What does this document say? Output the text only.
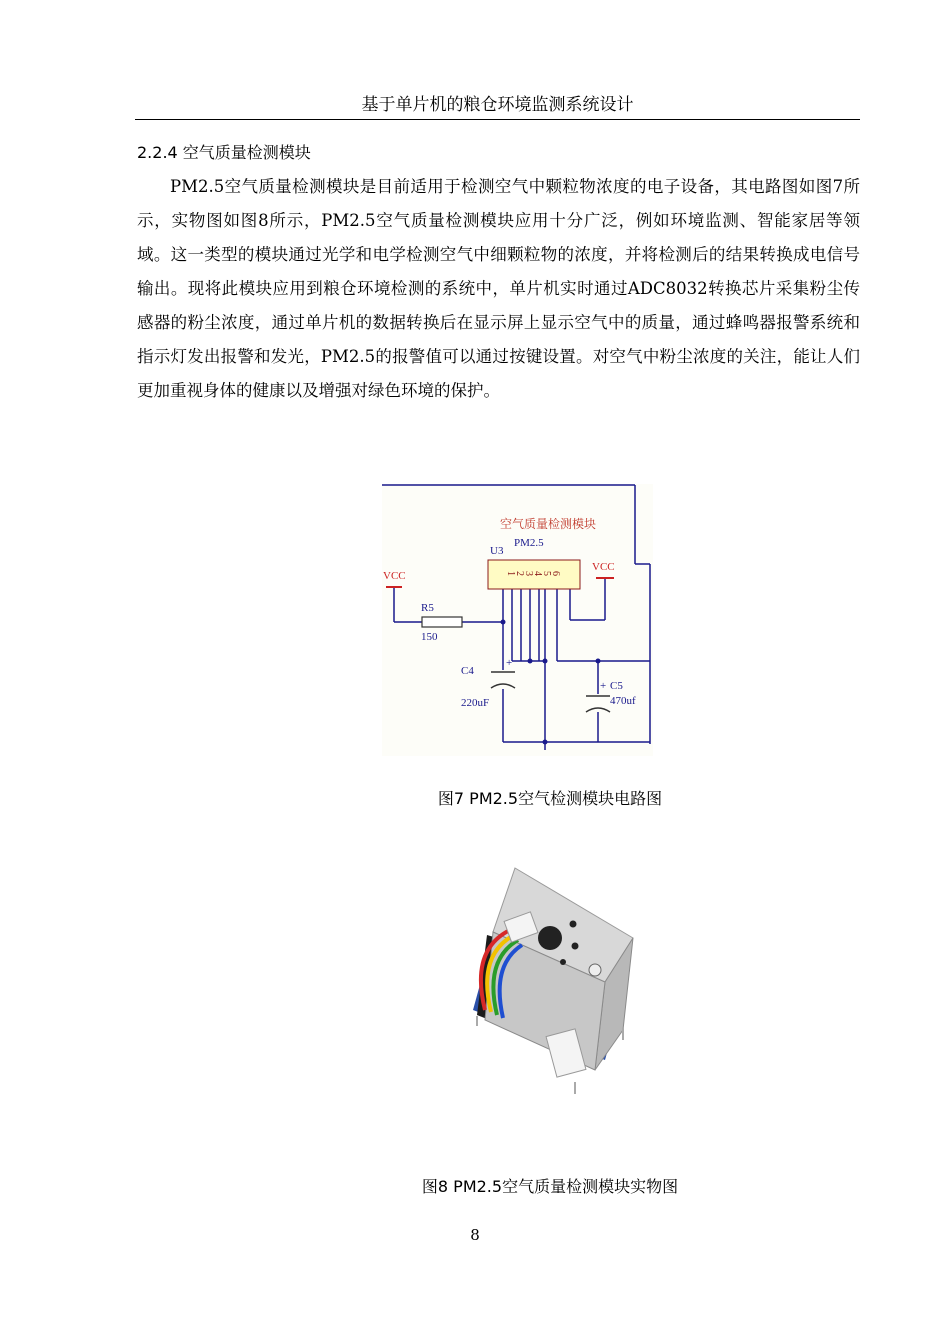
基于单片机的粮仓环境监测系统设计
2.2.4 空气质量检测模块

PM2.5空气质量检测模块是目前适用于检测空气中颗粒物浓度的电子设备，其电路图如图7所示，实物图如图8所示，PM2.5空气质量检测模块应用十分广泛，例如环境监测、智能家居等领域。这一类型的模块通过光学和电学检测空气中细颗粒物的浓度，并将检测后的结果转换成电信号输出。现将此模块应用到粮仓环境检测的系统中，单片机实时通过ADC8032转换芯片采集粉尘传感器的粉尘浓度，通过单片机的数据转换后在显示屏上显示空气中的质量，通过蜂鸣器报警系统和指示灯发出报警和发光，PM2.5的报警值可以通过按键设置。对空气中粉尘浓度的关注，能让人们更加重视身体的健康以及增强对绿色环境的保护。

空气质量检测模块
PM2.5
U3
1
2
3
4
5
6
VCC
VCC
R5
150
C4
220uF
+
+ C5
470uf
图7 PM2.5空气检测模块电路图
图8 PM2.5空气质量检测模块实物图
8
